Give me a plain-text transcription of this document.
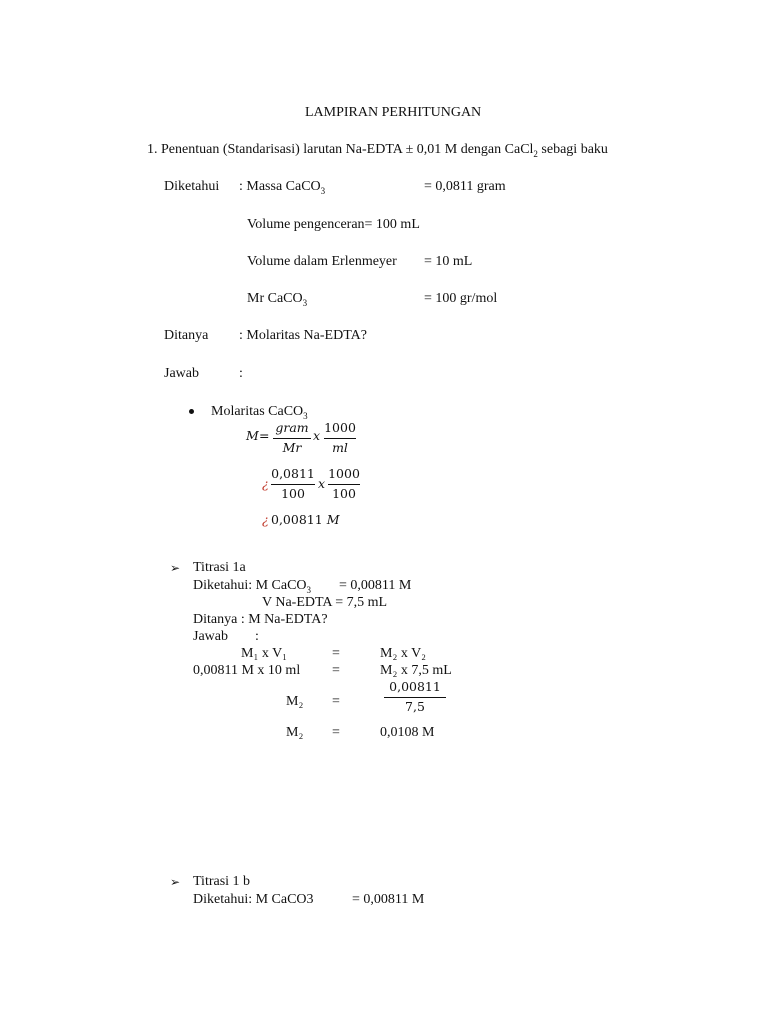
LAMPIRAN PERHITUNGAN
1. Penentuan (Standarisasi) larutan Na-EDTA ± 0,01 M dengan CaCl$_2$ sebagi baku
Diketahui : Massa CaCO$_3$	= 0,0811 gram
Volume pengenceran= 100 mL
Volume dalam Erlenmeyer = 10 mL
Mr CaCO$_3$	= 100 gr/mol
Ditanya : Molaritas Na-EDTA?
Jawab	:
Molaritas CaCO$_3$
M =
gram
Mr
x
1000
ml
¿
0,0811
100
x
1000
100
¿ 0,00811 M
➢ Titrasi 1a
Diketahui: M CaCO$_3$ = 0,00811 M
V Na-EDTA = 7,5 mL
Ditanya : M Na-EDTA?
Jawab :
M₁ x V₁	=	M₂ x V₂
0,00811 M x 10 ml =	M₂ x 7,5 mL
M₂ =
0,00811
7,5
M₂ =	0,0108 M
➢ Titrasi 1 b
Diketahui: M CaCO3	= 0,00811 M
